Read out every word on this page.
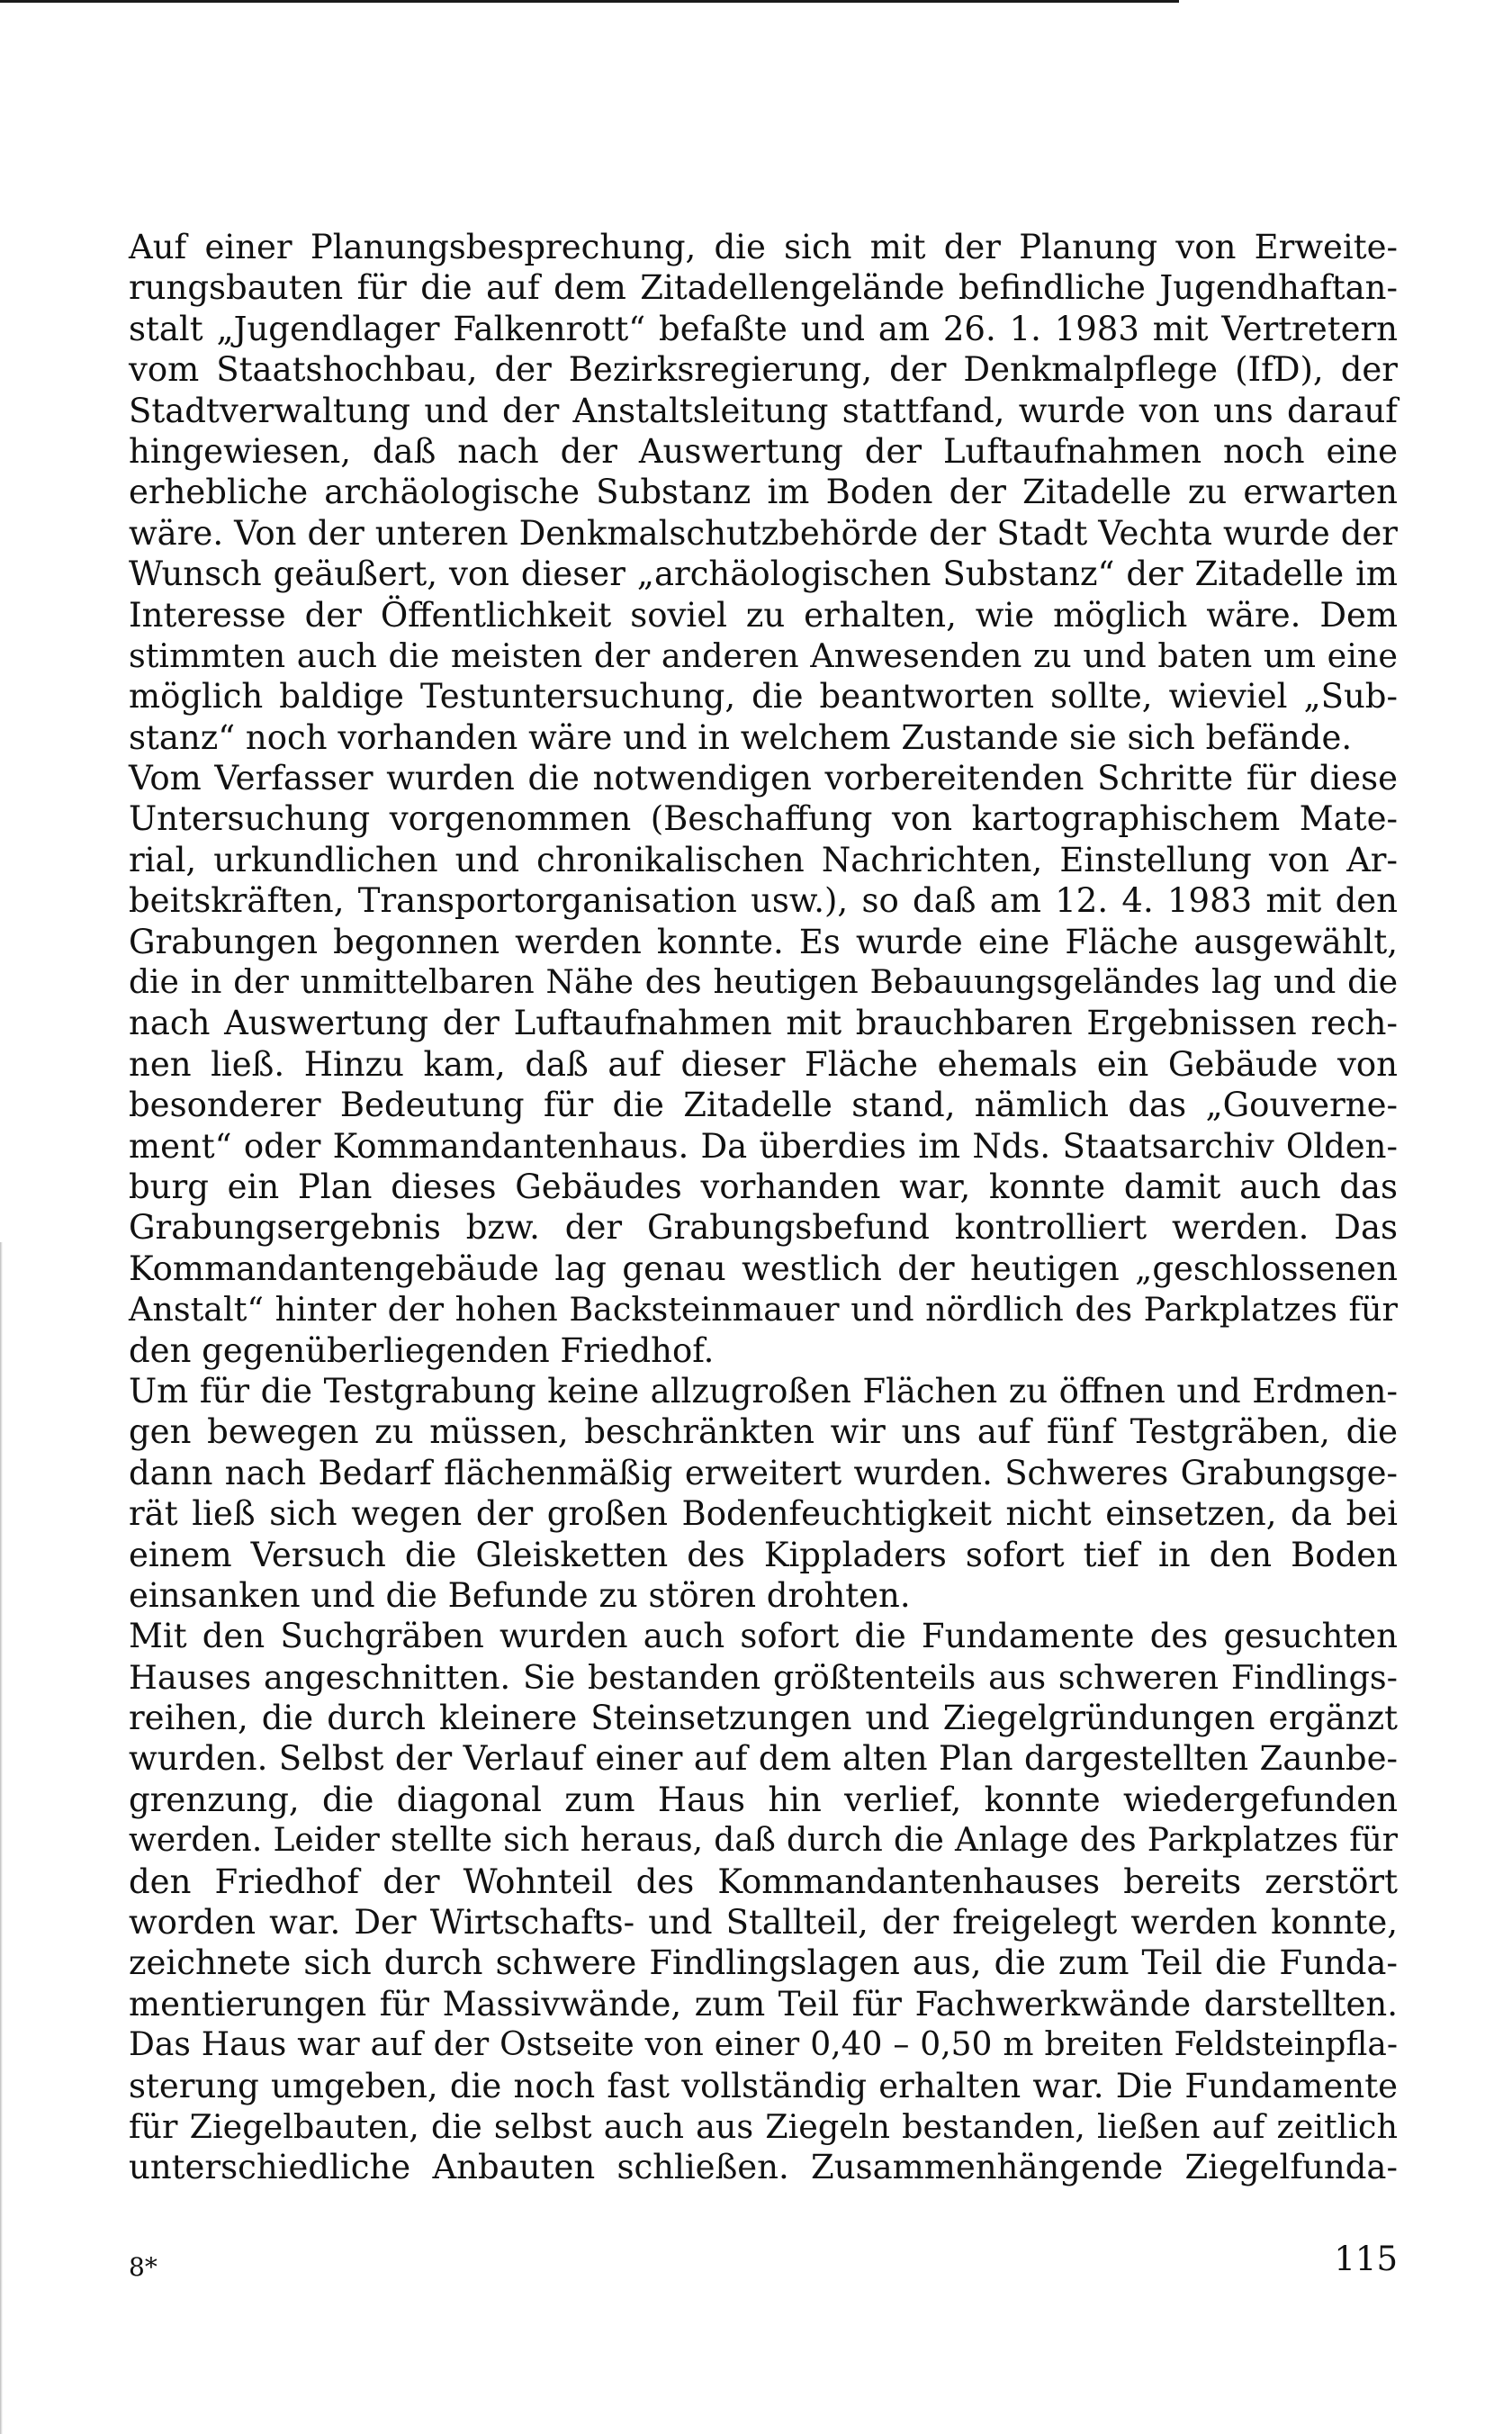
Auf einer Planungsbesprechung, die sich mit der Planung von Erweite-
rungsbauten für die auf dem Zitadellengelände befindliche Jugendhaftan-
stalt „Jugendlager Falkenrott“ befaßte und am 26. 1. 1983 mit Vertretern
vom Staatshochbau, der Bezirksregierung, der Denkmalpflege (IfD), der
Stadtverwaltung und der Anstaltsleitung stattfand, wurde von uns darauf
hingewiesen, daß nach der Auswertung der Luftaufnahmen noch eine
erhebliche archäologische Substanz im Boden der Zitadelle zu erwarten
wäre. Von der unteren Denkmalschutzbehörde der Stadt Vechta wurde der
Wunsch geäußert, von dieser „archäologischen Substanz“ der Zitadelle im
Interesse der Öffentlichkeit soviel zu erhalten, wie möglich wäre. Dem
stimmten auch die meisten der anderen Anwesenden zu und baten um eine
möglich baldige Testuntersuchung, die beantworten sollte, wieviel „Sub-
stanz“ noch vorhanden wäre und in welchem Zustande sie sich befände.
Vom Verfasser wurden die notwendigen vorbereitenden Schritte für diese
Untersuchung vorgenommen (Beschaffung von kartographischem Mate-
rial, urkundlichen und chronikalischen Nachrichten, Einstellung von Ar-
beitskräften, Transportorganisation usw.), so daß am 12. 4. 1983 mit den
Grabungen begonnen werden konnte. Es wurde eine Fläche ausgewählt,
die in der unmittelbaren Nähe des heutigen Bebauungsgeländes lag und die
nach Auswertung der Luftaufnahmen mit brauchbaren Ergebnissen rech-
nen ließ. Hinzu kam, daß auf dieser Fläche ehemals ein Gebäude von
besonderer Bedeutung für die Zitadelle stand, nämlich das „Gouverne-
ment“ oder Kommandantenhaus. Da überdies im Nds. Staatsarchiv Olden-
burg ein Plan dieses Gebäudes vorhanden war, konnte damit auch das
Grabungsergebnis bzw. der Grabungsbefund kontrolliert werden. Das
Kommandantengebäude lag genau westlich der heutigen „geschlossenen
Anstalt“ hinter der hohen Backsteinmauer und nördlich des Parkplatzes für
den gegenüberliegenden Friedhof.
Um für die Testgrabung keine allzugroßen Flächen zu öffnen und Erdmen-
gen bewegen zu müssen, beschränkten wir uns auf fünf Testgräben, die
dann nach Bedarf flächenmäßig erweitert wurden. Schweres Grabungsge-
rät ließ sich wegen der großen Bodenfeuchtigkeit nicht einsetzen, da bei
einem Versuch die Gleisketten des Kippladers sofort tief in den Boden
einsanken und die Befunde zu stören drohten.
Mit den Suchgräben wurden auch sofort die Fundamente des gesuchten
Hauses angeschnitten. Sie bestanden größtenteils aus schweren Findlings-
reihen, die durch kleinere Steinsetzungen und Ziegelgründungen ergänzt
wurden. Selbst der Verlauf einer auf dem alten Plan dargestellten Zaunbe-
grenzung, die diagonal zum Haus hin verlief, konnte wiedergefunden
werden. Leider stellte sich heraus, daß durch die Anlage des Parkplatzes für
den Friedhof der Wohnteil des Kommandantenhauses bereits zerstört
worden war. Der Wirtschafts- und Stallteil, der freigelegt werden konnte,
zeichnete sich durch schwere Findlingslagen aus, die zum Teil die Funda-
mentierungen für Massivwände, zum Teil für Fachwerkwände darstellten.
Das Haus war auf der Ostseite von einer 0,40 – 0,50 m breiten Feldsteinpfla-
sterung umgeben, die noch fast vollständig erhalten war. Die Fundamente
für Ziegelbauten, die selbst auch aus Ziegeln bestanden, ließen auf zeitlich
unterschiedliche Anbauten schließen. Zusammenhängende Ziegelfunda-
8*	115
